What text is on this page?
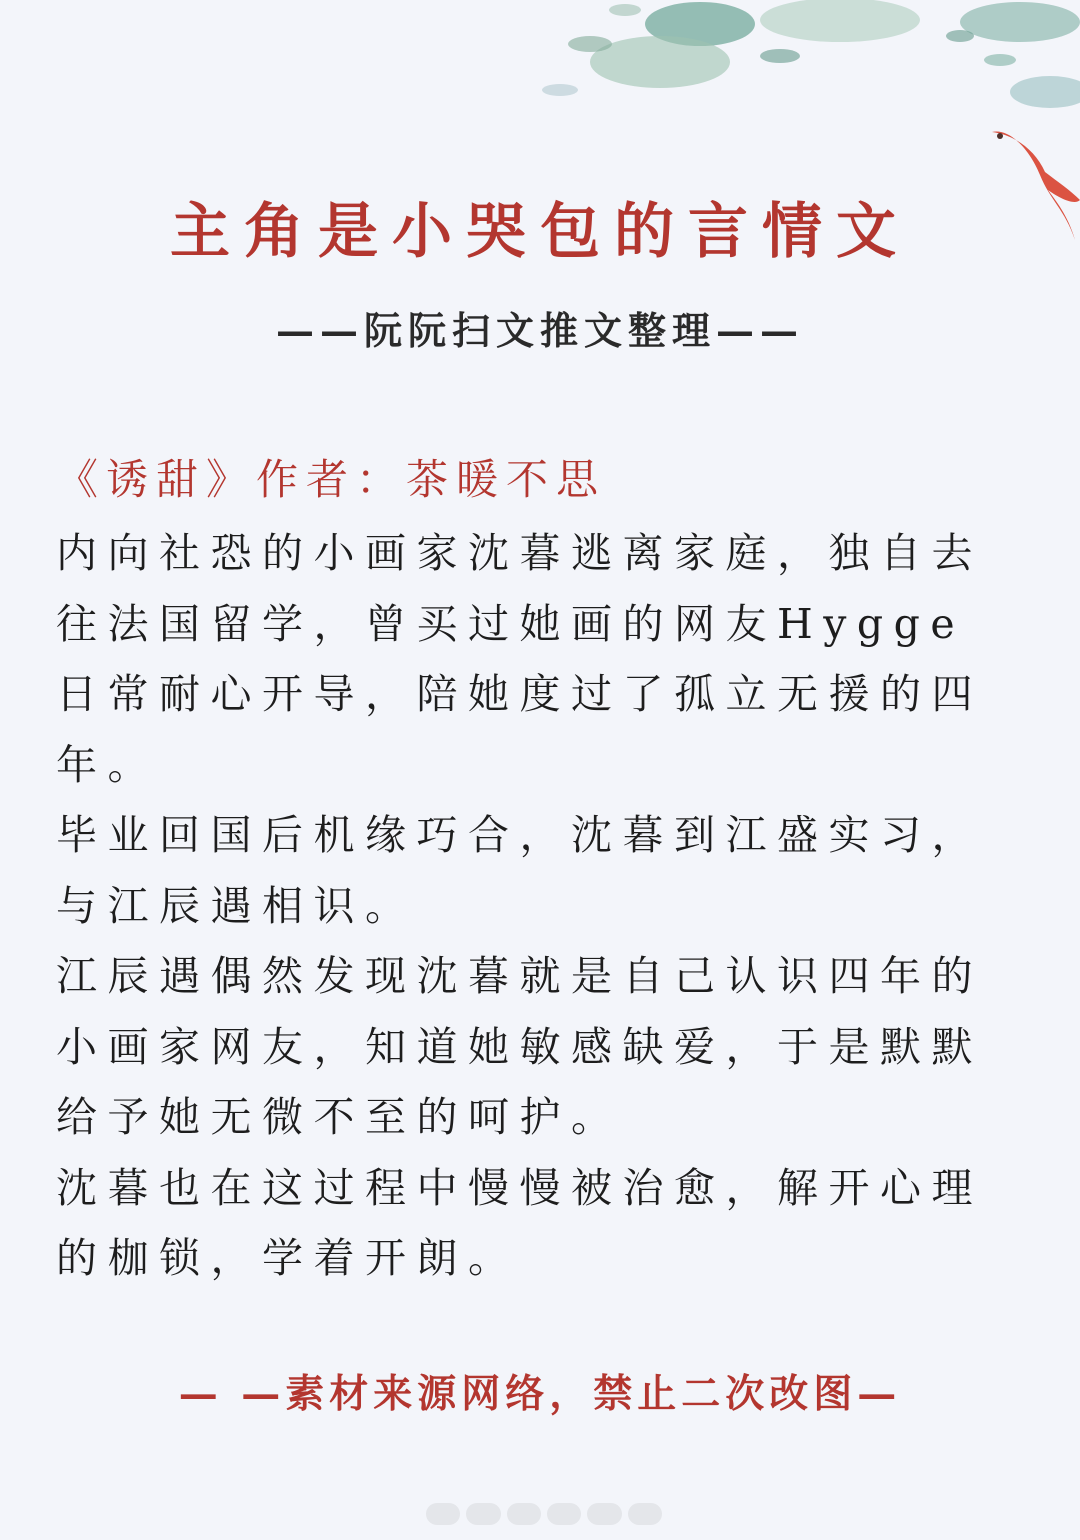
主角是小哭包的言情文
——阮阮扫文推文整理——
《诱甜》作者：茶暖不思

内向社恐的小画家沈暮逃离家庭，独自去往法国留学，曾买过她画的网友Hygge日常耐心开导，陪她度过了孤立无援的四年。

毕业回国后机缘巧合，沈暮到江盛实习，与江辰遇相识。

江辰遇偶然发现沈暮就是自己认识四年的小画家网友，知道她敏感缺爱，于是默默给予她无微不至的呵护。

沈暮也在这过程中慢慢被治愈，解开心理的枷锁，学着开朗。

— —素材来源网络，禁止二次改图—
